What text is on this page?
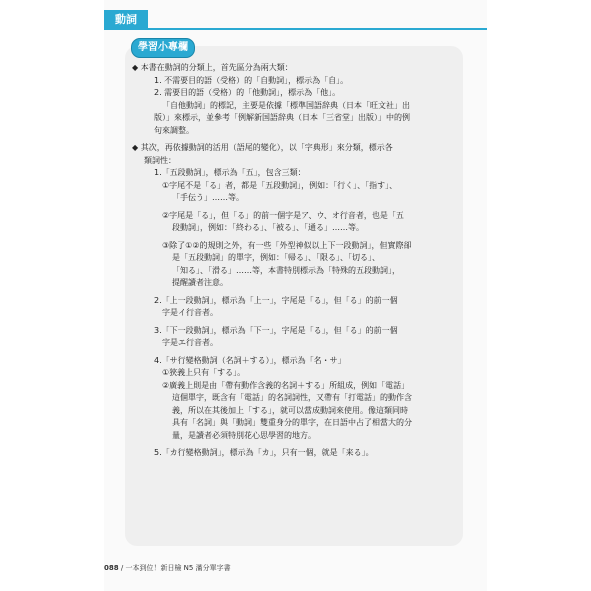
動詞
學習小專欄

◆ 本書在動詞的分類上，首先區分為兩大類：

1. 不需要目的語（受格）的「自動詞」，標示為「自」。

2. 需要目的語（受格）的「他動詞」，標示為「他」。

「自他動詞」的標記，主要是依據「標準国語辞典（日本「旺文社」出

版）」來標示，並參考「例解新国語辞典（日本「三省堂」出版）」中的例

句來調整。

◆ 其次，再依據動詞的活用（語尾的變化），以「字典形」來分類，標示各

類詞性：

1.「五段動詞」，標示為「五」，包含三類：

①字尾不是「る」者，都是「五段動詞」，例如：「行く」、「指す」、

「手伝う」……等。

②字尾是「る」，但「る」的前一個字是ア、ウ、オ行音者，也是「五

段動詞」，例如：「終わる」、「被る」、「通る」……等。

③除了①②的規則之外，有一些「外型神似以上下一段動詞」，但實際卻

是「五段動詞」的單字，例如：「帰る」、「限る」、「切る」、

「知る」、「滑る」……等，本書特別標示為「特殊的五段動詞」，

提醒讀者注意。

2.「上一段動詞」，標示為「上一」，字尾是「る」，但「る」的前一個

字是イ行音者。

3.「下一段動詞」，標示為「下一」，字尾是「る」，但「る」的前一個

字是エ行音者。

4.「サ行變格動詞（名詞＋する）」，標示為「名・サ」

①狹義上只有「する」。

②廣義上則是由「帶有動作含義的名詞＋する」所組成，例如「電話」

這個單字，既含有「電話」的名詞詞性，又帶有「打電話」的動作含

義，所以在其後加上「する」，就可以當成動詞來使用。像這類同時

具有「名詞」與「動詞」雙重身分的單字，在日語中占了相當大的分

量，是讀者必須特別花心思學習的地方。

5.「カ行變格動詞」，標示為「カ」，只有一個，就是「来る」。

088 / 一本到位！新日檢 N5 滿分單字書
